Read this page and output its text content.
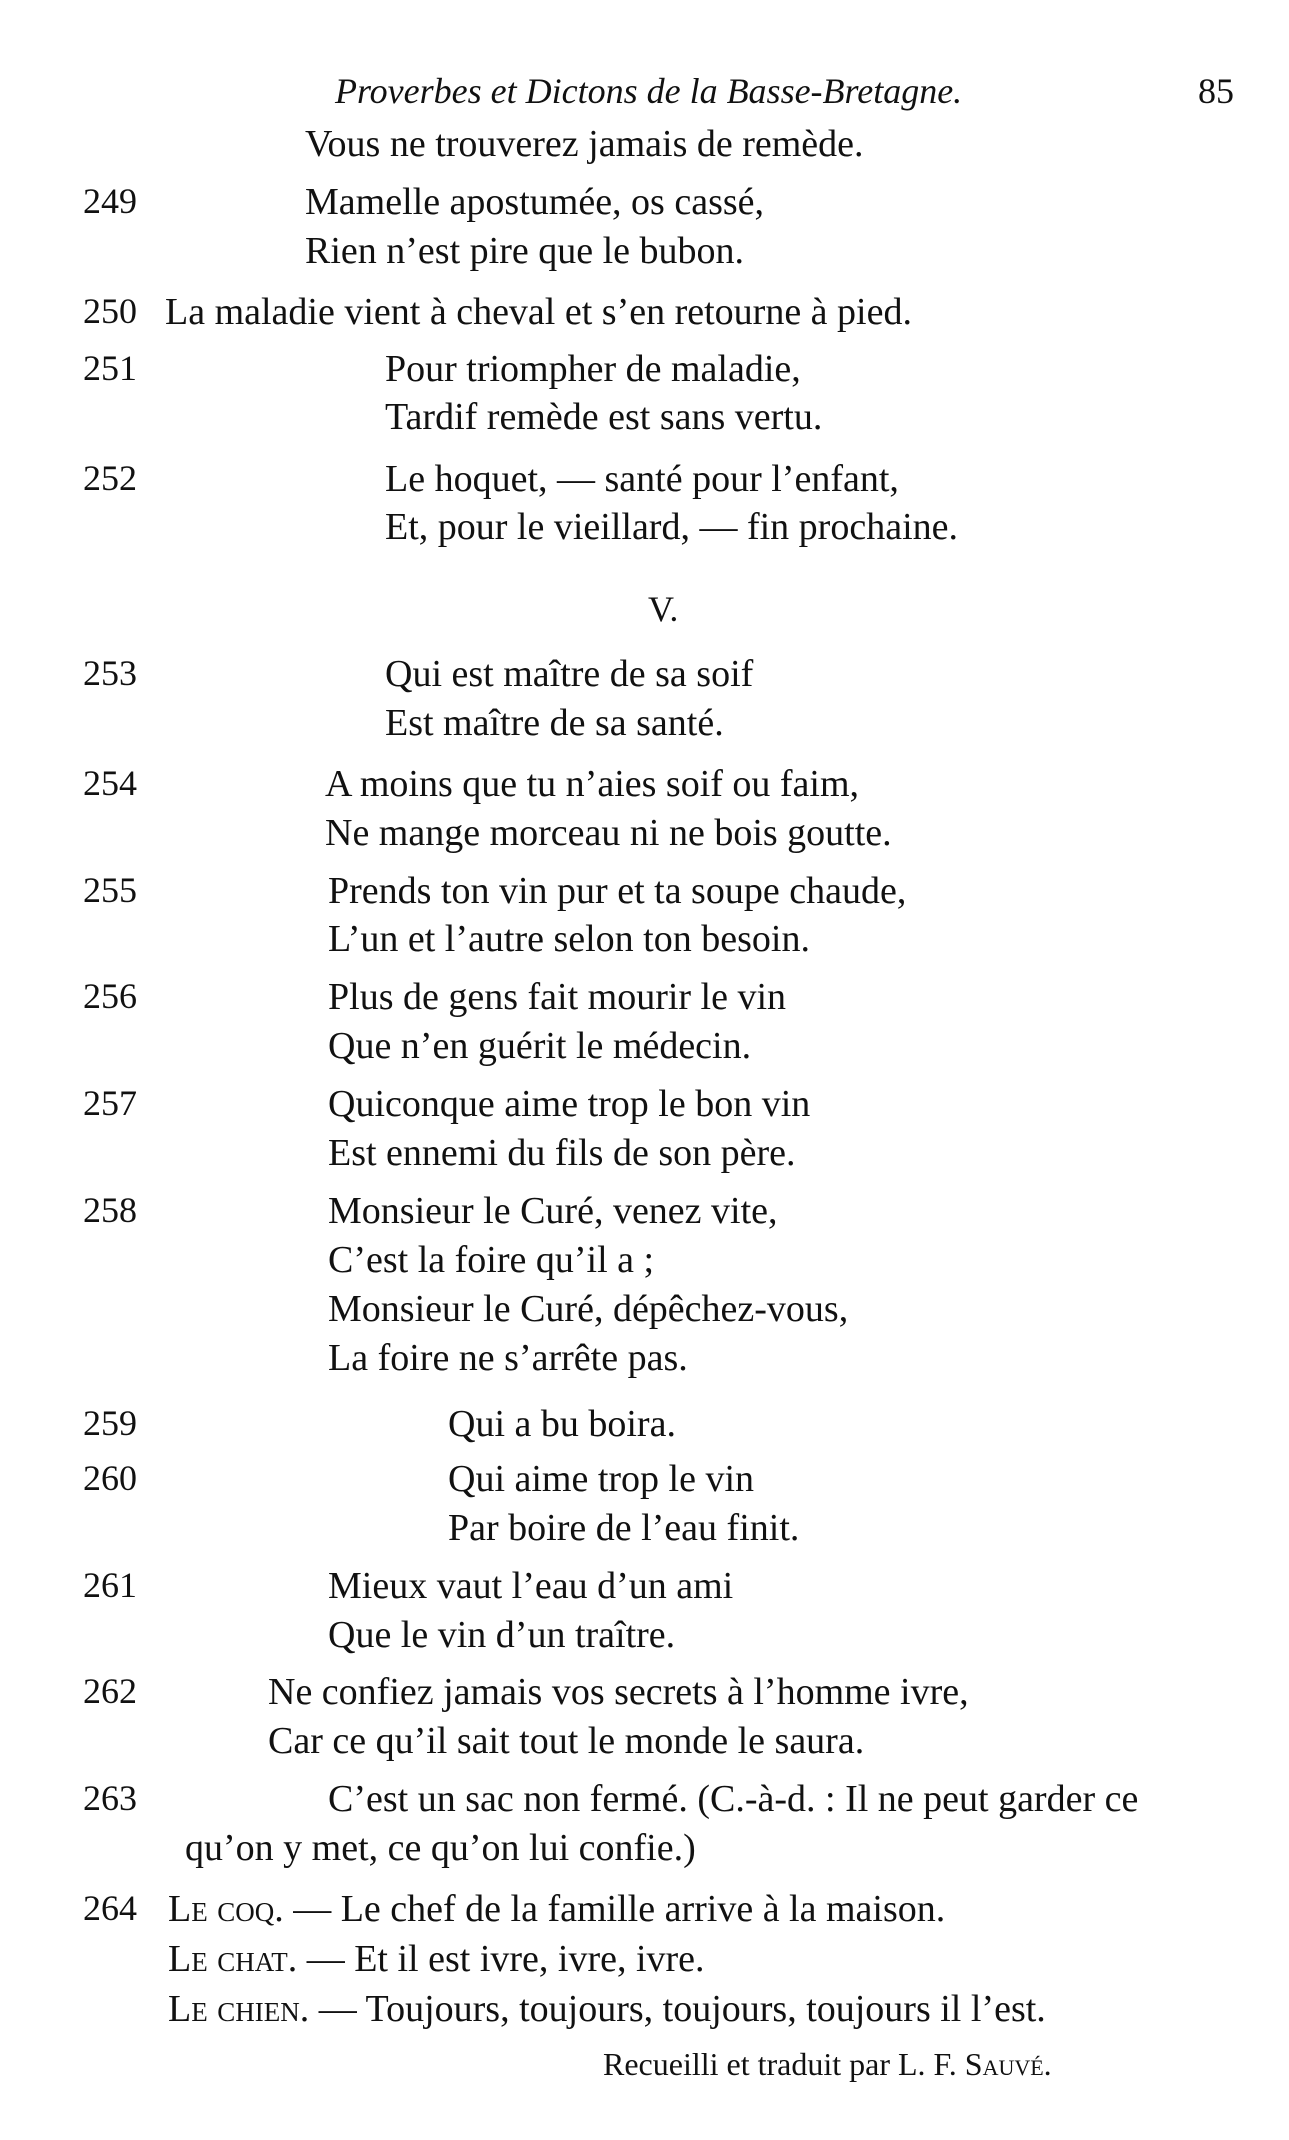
Proverbes et Dictons de la Basse-Bretagne.	85
Vous ne trouverez jamais de remède.
249	Mamelle apostumée, os cassé,
Rien n’est pire que le bubon.
250 La maladie vient à cheval et s’en retourne à pied.
251	Pour triompher de maladie,
Tardif remède est sans vertu.
252	Le hoquet, — santé pour l’enfant,
Et, pour le vieillard, — fin prochaine.
V.
253	Qui est maître de sa soif
Est maître de sa santé.
254	A moins que tu n’aies soif ou faim,
Ne mange morceau ni ne bois goutte.
255	Prends ton vin pur et ta soupe chaude,
L’un et l’autre selon ton besoin.
256	Plus de gens fait mourir le vin
Que n’en guérit le médecin.
257	Quiconque aime trop le bon vin
Est ennemi du fils de son père.
258	Monsieur le Curé, venez vite,
C’est la foire qu’il a ;
Monsieur le Curé, dépêchez-vous,
La foire ne s’arrête pas.
259	Qui a bu boira.
260	Qui aime trop le vin
Par boire de l’eau finit.
261	Mieux vaut l’eau d’un ami
Que le vin d’un traître.
262	Ne confiez jamais vos secrets à l’homme ivre,
Car ce qu’il sait tout le monde le saura.
263	C’est un sac non fermé. (C.-à-d. : Il ne peut garder ce
qu’on y met, ce qu’on lui confie.)
264 Le coq. — Le chef de la famille arrive à la maison.
Le chat. — Et il est ivre, ivre, ivre.
Le chien. — Toujours, toujours, toujours, toujours il l’est.
Recueilli et traduit par L. F. Sauvé.
